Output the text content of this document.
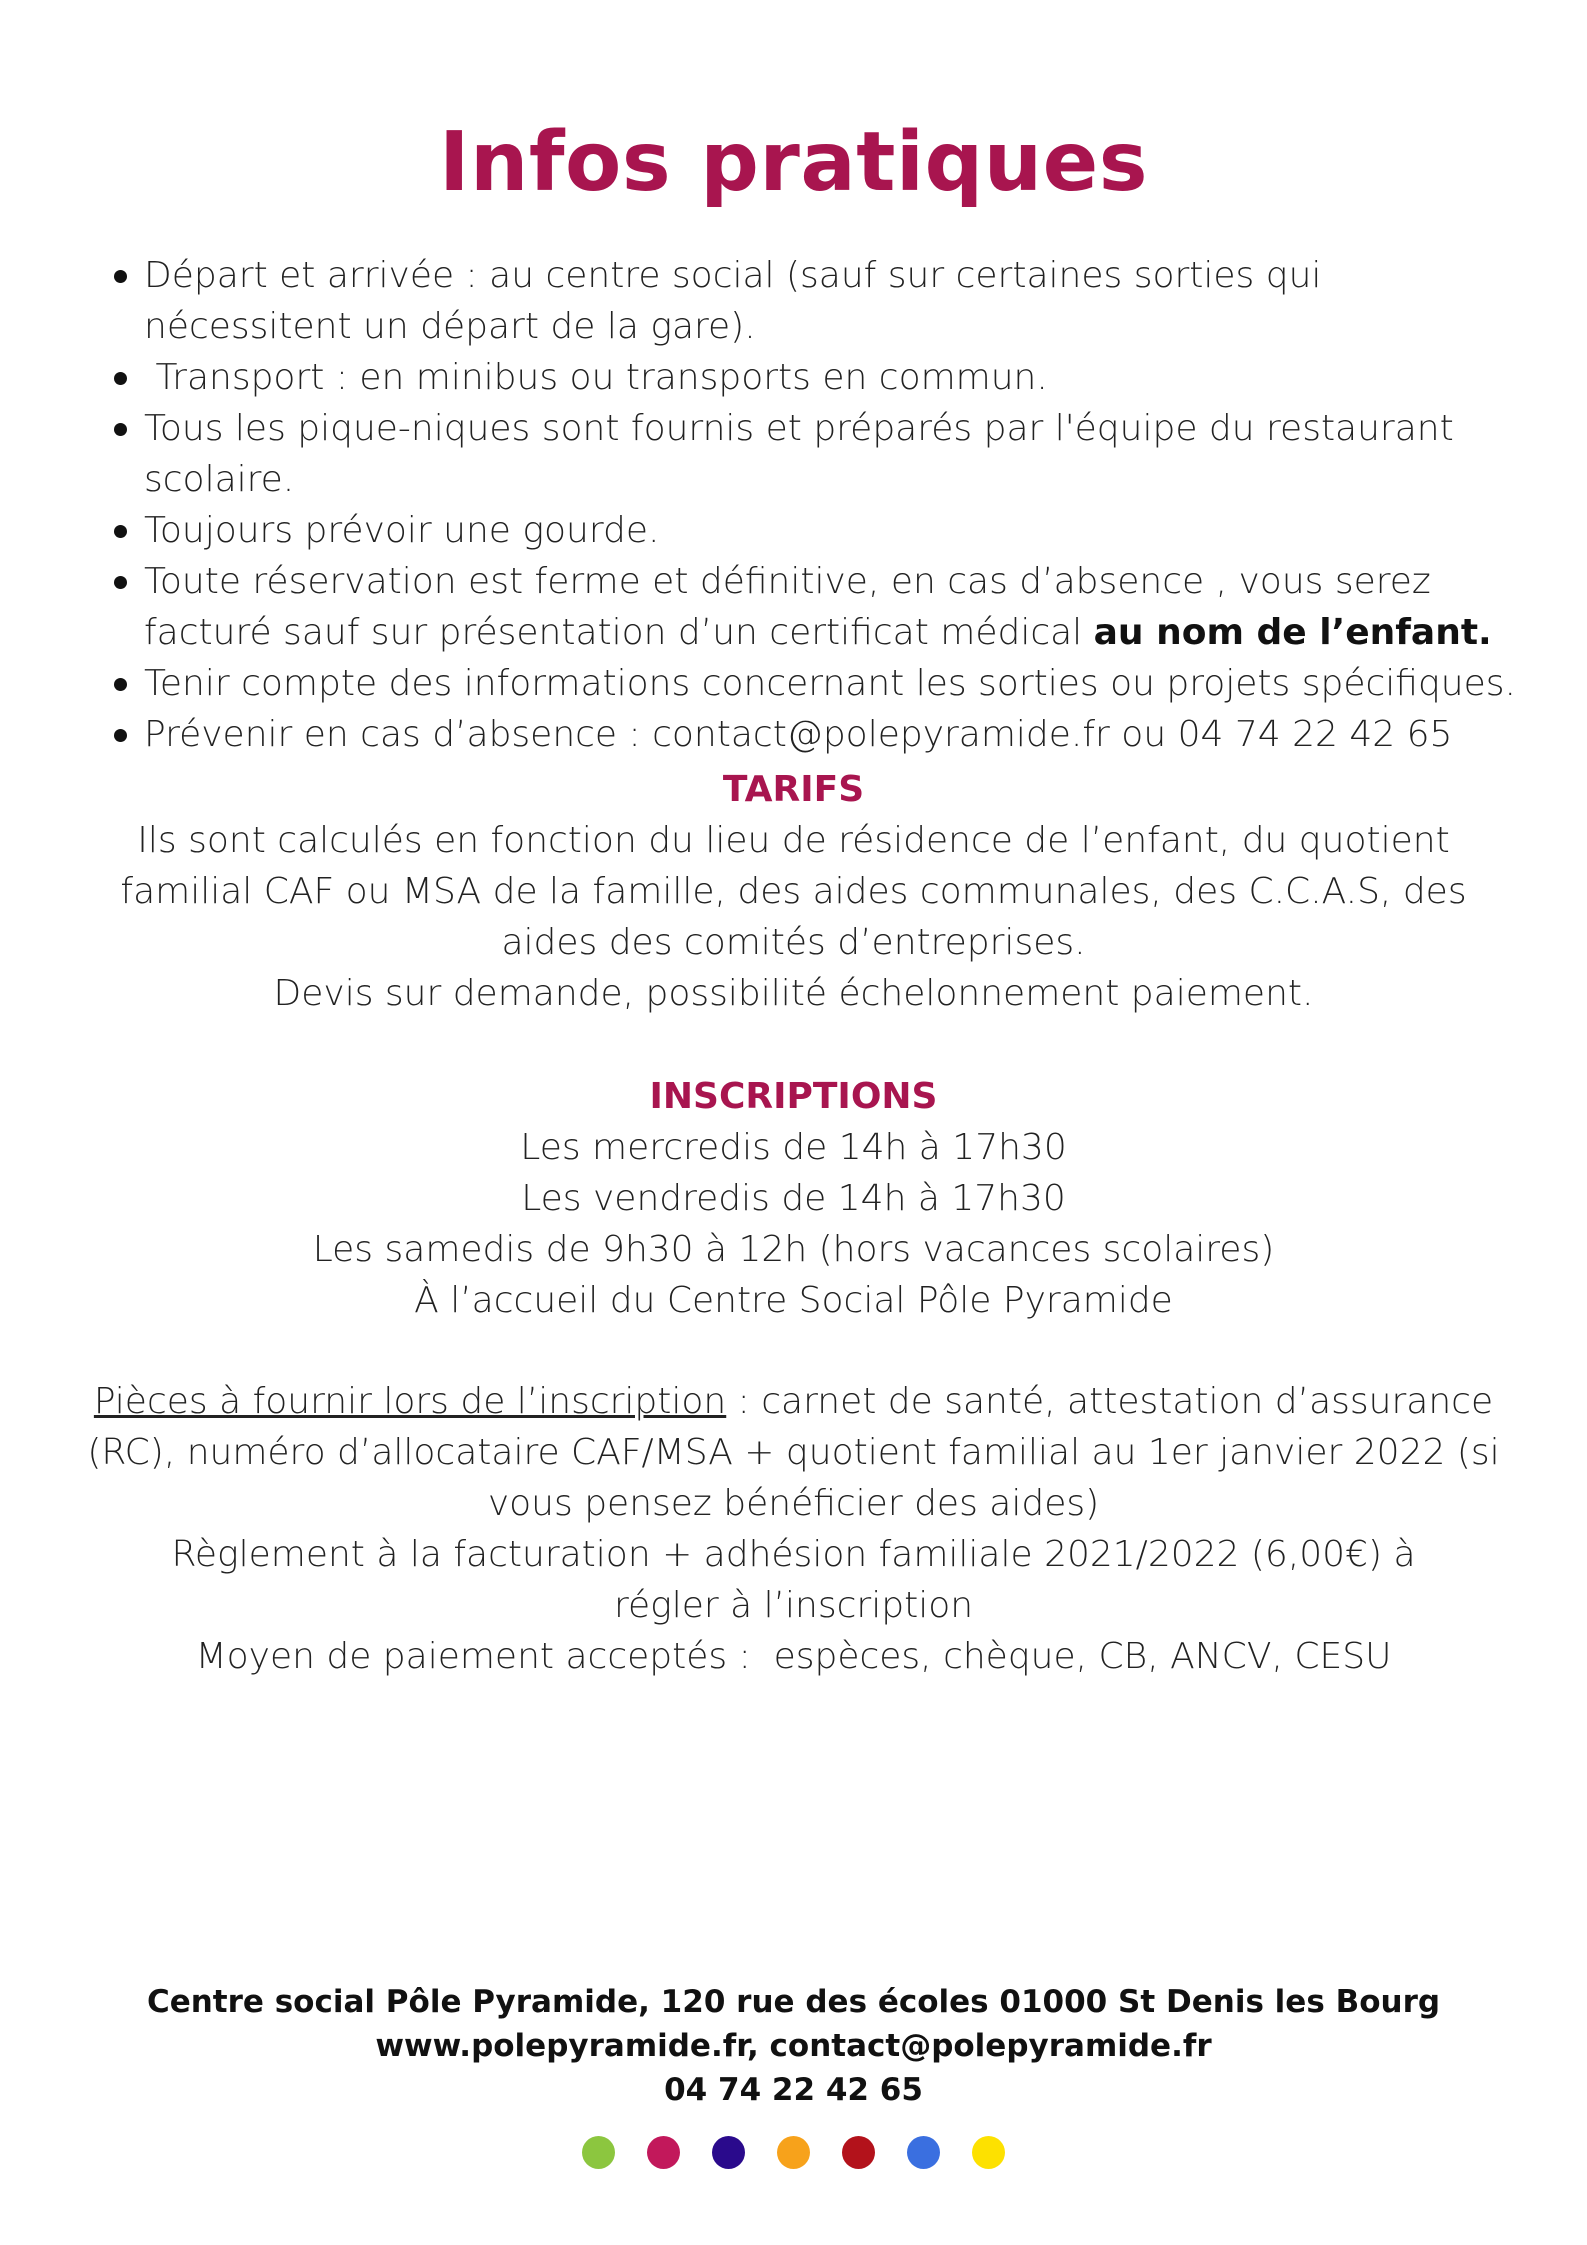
Infos pratiques
Départ et arrivée : au centre social (sauf sur certaines sorties qui nécessitent un départ de la gare).
Transport : en minibus ou transports en commun.
Tous les pique-niques sont fournis et préparés par l'équipe du restaurant scolaire.
Toujours prévoir une gourde.
Toute réservation est ferme et définitive, en cas d’absence , vous serez facturé sauf sur présentation d’un certificat médical au nom de l’enfant.
Tenir compte des informations concernant les sorties ou projets spécifiques.
Prévenir en cas d’absence : contact@polepyramide.fr ou 04 74 22 42 65
TARIFS

Ils sont calculés en fonction du lieu de résidence de l’enfant, du quotient familial CAF ou MSA de la famille, des aides communales, des C.C.A.S, des aides des comités d’entreprises.

Devis sur demande, possibilité échelonnement paiement.

INSCRIPTIONS

Les mercredis de 14h à 17h30

Les vendredis de 14h à 17h30

Les samedis de 9h30 à 12h (hors vacances scolaires)

À l’accueil du Centre Social Pôle Pyramide

Pièces à fournir lors de l’inscription : carnet de santé, attestation d’assurance (RC), numéro d’allocataire CAF/MSA + quotient familial au 1er janvier 2022 (si vous pensez bénéficier des aides)

Règlement à la facturation + adhésion familiale 2021/2022 (6,00€) à régler à l’inscription

Moyen de paiement acceptés :  espèces, chèque, CB, ANCV, CESU

Centre social Pôle Pyramide, 120 rue des écoles 01000 St Denis les Bourg

www.polepyramide.fr, contact@polepyramide.fr

04 74 22 42 65
